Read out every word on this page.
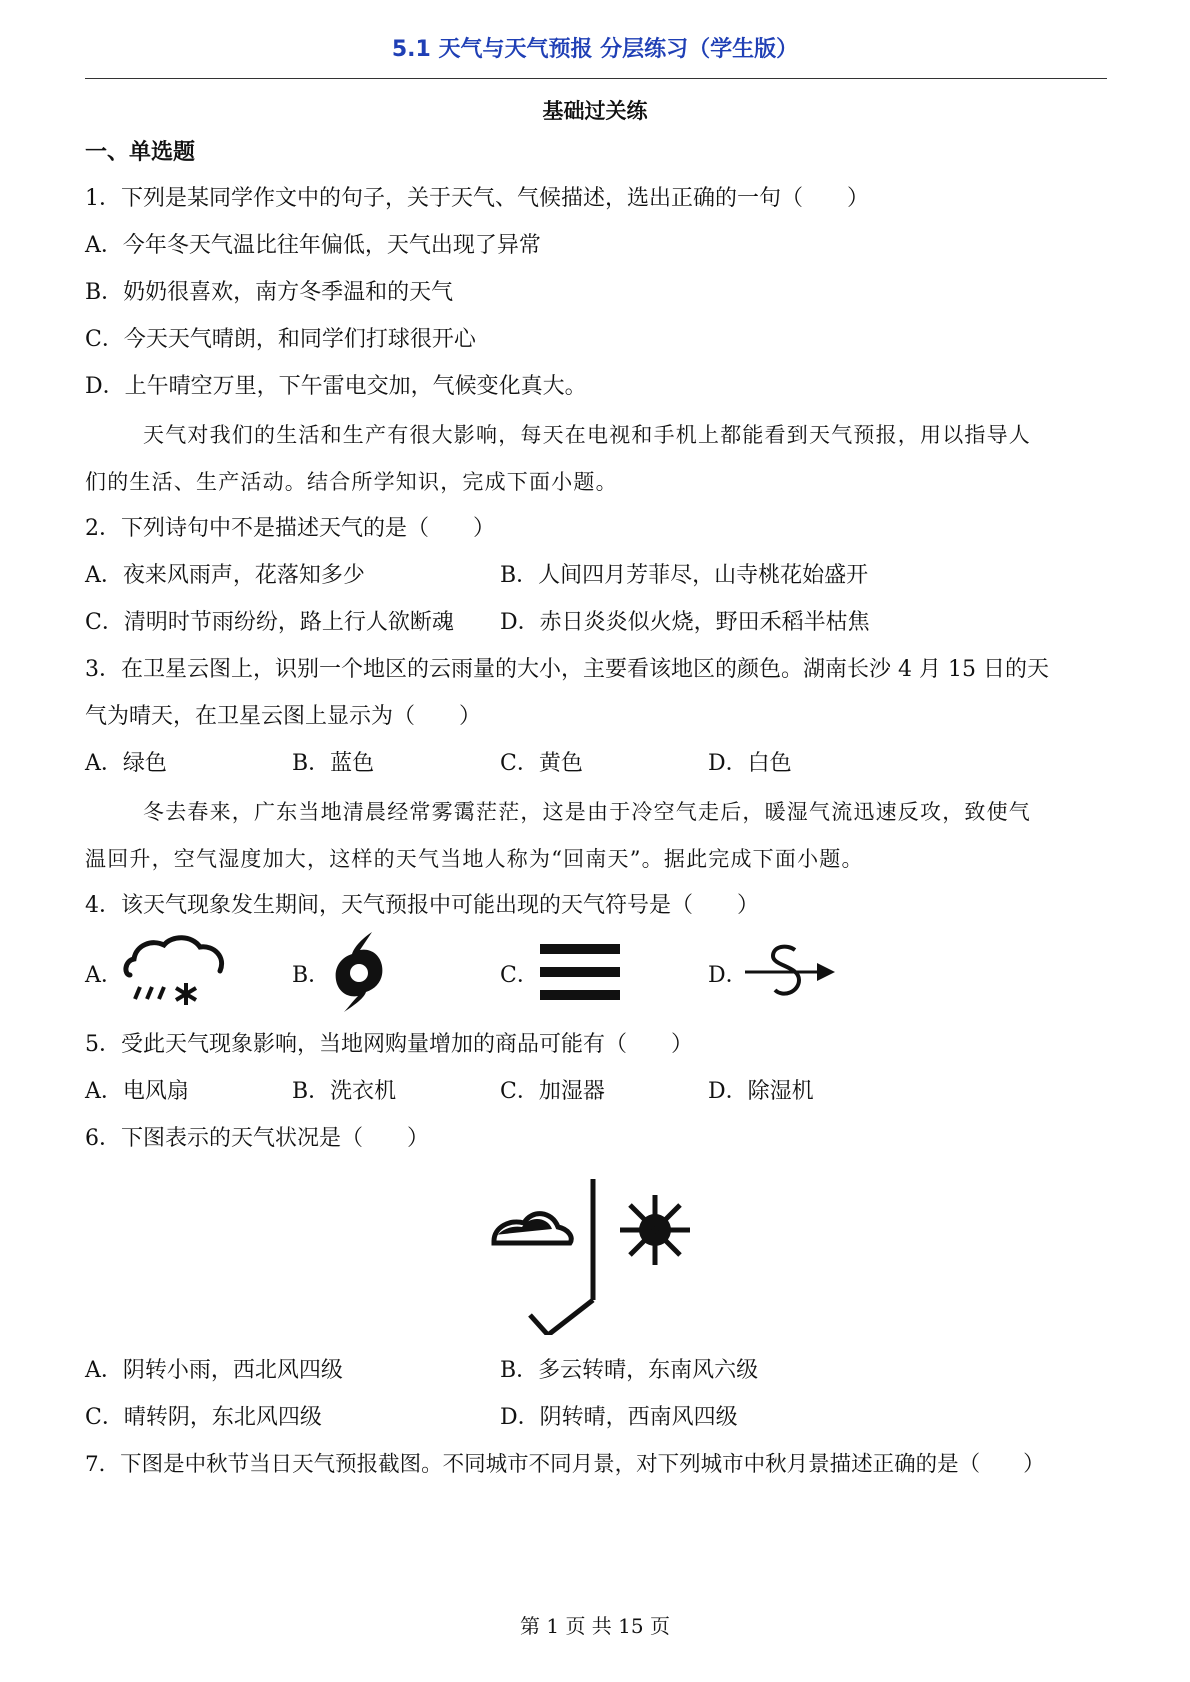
5.1 天气与天气预报 分层练习（学生版）
基础过关练
一、单选题
1．下列是某同学作文中的句子，关于天气、气候描述，选出正确的一句（　　）
A．今年冬天气温比往年偏低，天气出现了异常
B．奶奶很喜欢，南方冬季温和的天气
C．今天天气晴朗，和同学们打球很开心
D．上午晴空万里，下午雷电交加，气候变化真大。
天气对我们的生活和生产有很大影响，每天在电视和手机上都能看到天气预报，用以指导人
们的生活、生产活动。结合所学知识，完成下面小题。
2．下列诗句中不是描述天气的是（　　）
A．夜来风雨声，花落知多少	B．人间四月芳菲尽，山寺桃花始盛开
C．清明时节雨纷纷，路上行人欲断魂 D．赤日炎炎似火烧，野田禾稻半枯焦
3．在卫星云图上，识别一个地区的云雨量的大小，主要看该地区的颜色。湖南长沙 4 月 15 日的天
气为晴天，在卫星云图上显示为（　　）
A．绿色	B．蓝色	C．黄色	D．白色
冬去春来，广东当地清晨经常雾霭茫茫，这是由于冷空气走后，暖湿气流迅速反攻，致使气
温回升，空气湿度加大，这样的天气当地人称为“回南天”。据此完成下面小题。
4．该天气现象发生期间，天气预报中可能出现的天气符号是（　　）
A．	B．	C．	D．
5．受此天气现象影响，当地网购量增加的商品可能有（　　）
A．电风扇	B．洗衣机	C．加湿器	D．除湿机
6．下图表示的天气状况是（　　）
A．阴转小雨，西北风四级	B．多云转晴，东南风六级
C．晴转阴，东北风四级	D．阴转晴，西南风四级
7．下图是中秋节当日天气预报截图。不同城市不同月景，对下列城市中秋月景描述正确的是（　　）
第 1 页 共 15 页
